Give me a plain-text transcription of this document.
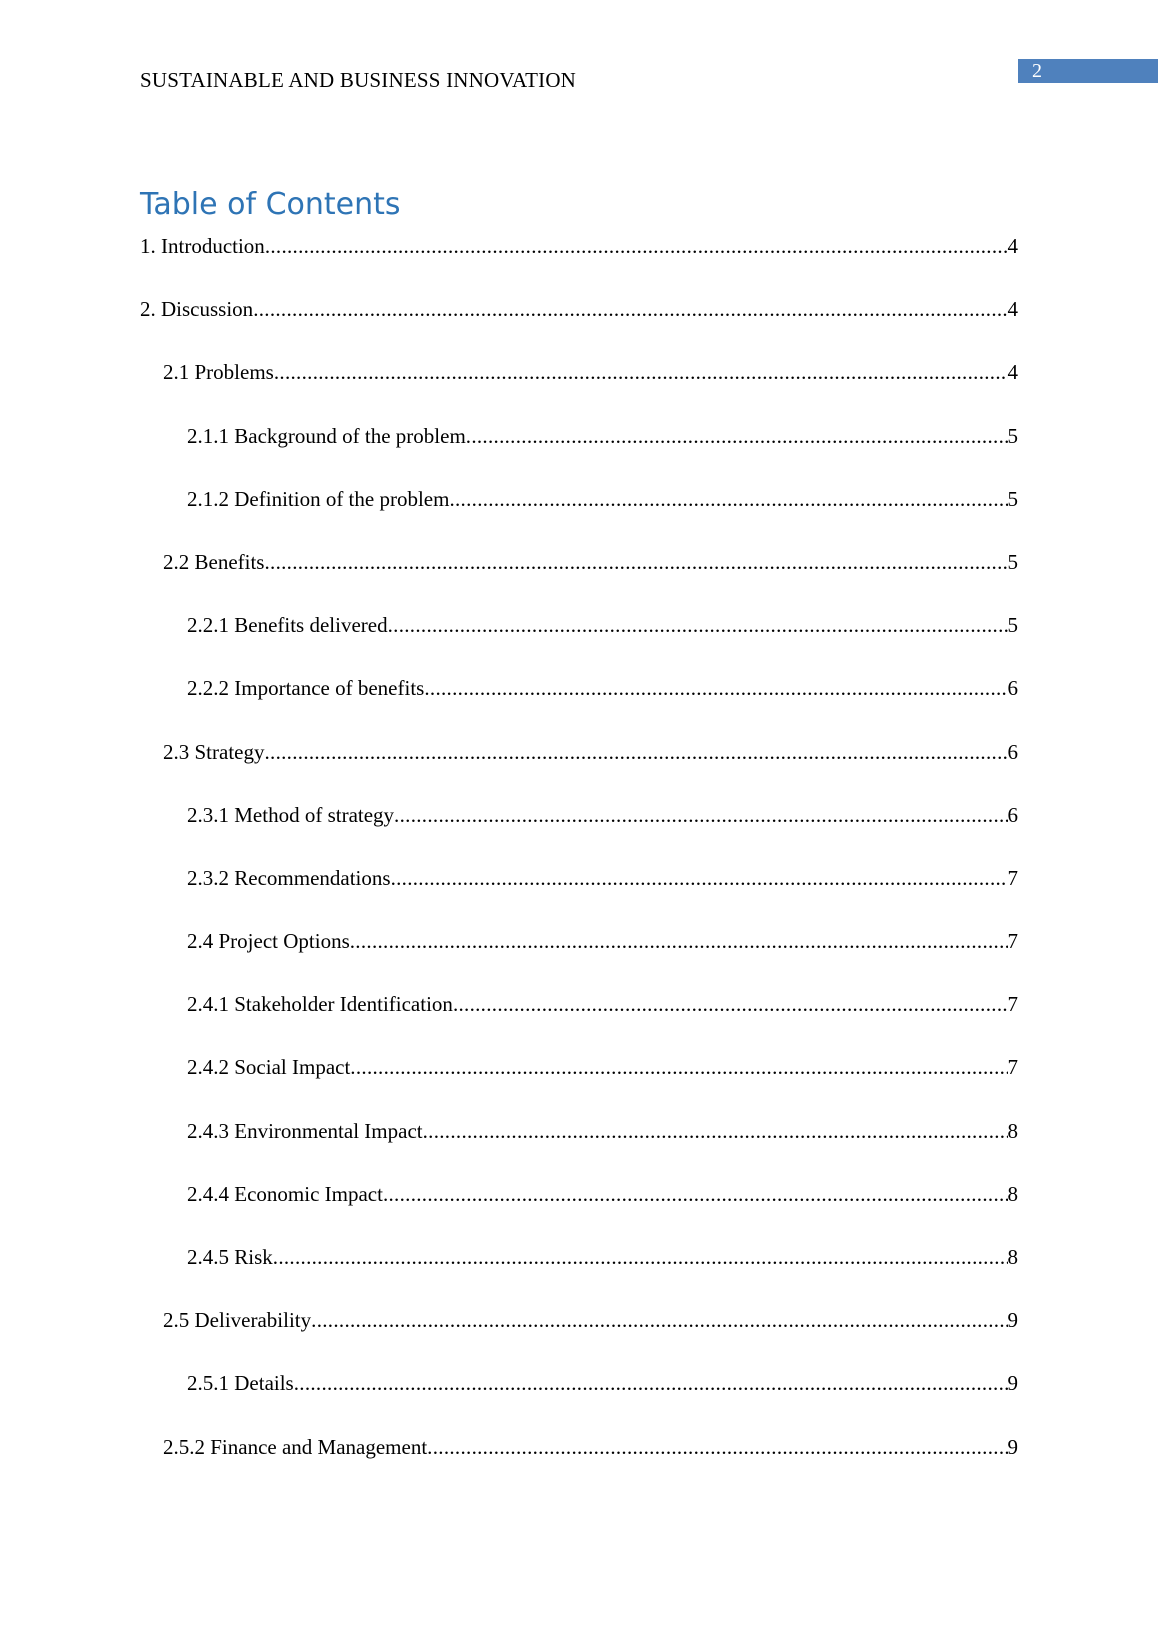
SUSTAINABLE AND BUSINESS INNOVATION	2
Table of Contents
1. Introduction .....	4
2. Discussion .....	4
2.1 Problems .....	4
2.1.1 Background of the problem .....	5
2.1.2 Definition of the problem .....	5
2.2 Benefits .....	5
2.2.1 Benefits delivered .....	5
2.2.2 Importance of benefits .....	6
2.3 Strategy .....	6
2.3.1 Method of strategy .....	6
2.3.2 Recommendations .....	7
2.4 Project Options .....	7
2.4.1 Stakeholder Identification .....	7
2.4.2 Social Impact .....	7
2.4.3 Environmental Impact .....	8
2.4.4 Economic Impact .....	8
2.4.5 Risk .....	8
2.5 Deliverability .....	9
2.5.1 Details .....	9
2.5.2 Finance and Management .....	9
